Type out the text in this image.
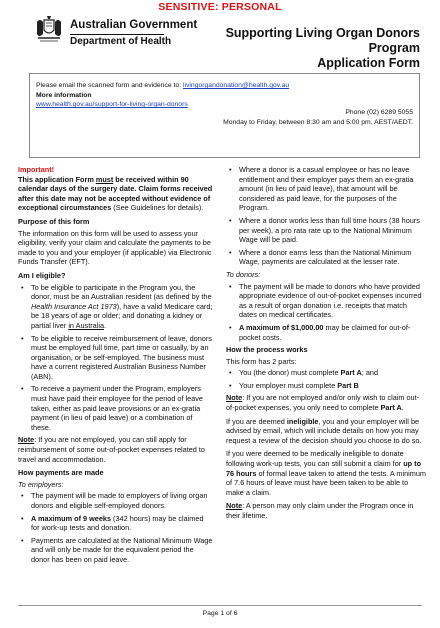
SENSITIVE: PERSONAL
Australian Government
Department of Health
Supporting Living Organ Donors Program
Application Form
Please email the scanned form and evidence to: livingorgandonation@health.gov.au
More information
www.health.gov.au/support-for-living-organ-donors
Phone (02) 6289 5055
Monday to Friday, between 8:30 am and 5:00 pm, AEST/AEDT.
Important!
This application Form must be received within 90 calendar days of the surgery date. Claim forms received after this date may not be accepted without evidence of exceptional circumstances (See Guidelines for details).
Purpose of this form
The information on this form will be used to assess your eligibility, verify your claim and calculate the payments to be made to you and your employer (if applicable) via Electronic Funds Transfer (EFT).
Am I eligible?
• To be eligible to participate in the Program you, the donor, must be an Australian resident (as defined by the Health Insurance Act 1973), have a valid Medicare card; be 18 years of age or older; and donating a kidney or partial liver in Australia.
• To be eligible to receive reimbursement of leave, donors must be employed full time, part time or casually, by an organisation, or be self-employed. The business must have a current registered Australian Business Number (ABN).
• To receive a payment under the Program, employers must have paid their employee for the period of leave taken, either as paid leave provisions or an ex-gratia payment (in lieu of paid leave) or a combination of these.
Note: If you are not employed, you can still apply for reimbursement of some out-of-pocket expenses related to travel and accommodation.
How payments are made
To employers:
• The payment will be made to employers of living organ donors and eligible self-employed donors.
• A maximum of 9 weeks (342 hours) may be claimed for work-up tests and donation.
• Payments are calculated at the National Minimum Wage and will only be made for the equivalent period the donor has been on paid leave.
• Where a donor is a casual employee or has no leave entitlement and their employer pays them an ex-gratia amount (in lieu of paid leave), that amount will be considered as paid leave, for the purposes of the Program.
• Where a donor works less than full time hours (38 hours per week), a pro rata rate up to the National Minimum Wage will be paid.
• Where a donor earns less than the National Minimum Wage, payments are calculated at the lesser rate.
To donors:
• The payment will be made to donors who have provided appropriate evidence of out-of-pocket expenses incurred as a result of organ donation i.e. receipts that match dates on medical certificates.
• A maximum of $1,000.00 may be claimed for out-of-pocket costs.
How the process works
This form has 2 parts:
• You (the donor) must complete Part A; and
• Your employer must complete Part B
Note: If you are not employed and/or only wish to claim out-of-pocket expenses, you only need to complete Part A.
If you are deemed ineligible, you and your employer will be advised by email, which will include details on how you may request a review of the decision should you choose to do so.
If you were deemed to be medically ineligible to donate following work-up tests, you can still submit a claim for up to 76 hours of formal leave taken to attend the tests. A minimum of 7.6 hours of leave must have been taken to be able to make a claim.
Note: A person may only claim under the Program once in their lifetime.
Page 1 of 6
